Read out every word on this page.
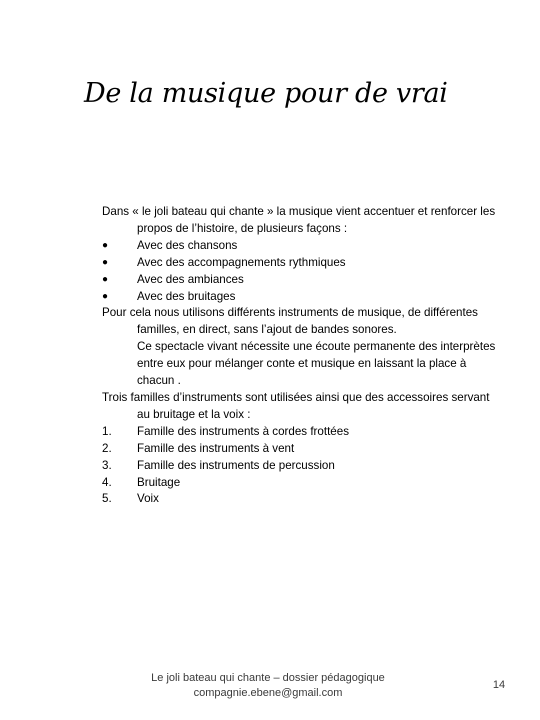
De la musique pour de vrai

Dans « le joli bateau qui chante » la musique vient accentuer et renforcer les propos de l’histoire, de plusieurs façons :

● Avec des chansons
● Avec des accompagnements rythmiques
● Avec des ambiances
● Avec des bruitages

Pour cela nous utilisons différents instruments de musique, de différentes familles, en direct, sans l’ajout de bandes sonores.

Ce spectacle vivant nécessite une écoute permanente des interprètes entre eux pour mélanger conte et musique en laissant la place à chacun .

Trois familles d’instruments sont utilisées ainsi que des accessoires servant au bruitage et la voix :

1. Famille des instruments à cordes frottées
2. Famille des instruments à vent
3. Famille des instruments de percussion
4. Bruitage
5. Voix
Le joli bateau qui chante – dossier pédagogique
compagnie.ebene@gmail.com
14
